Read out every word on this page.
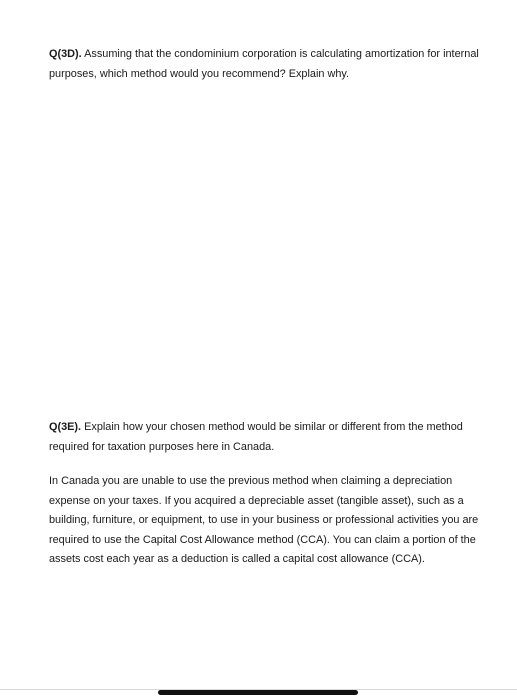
Q(3D). Assuming that the condominium corporation is calculating amortization for internal purposes, which method would you recommend? Explain why.

Q(3E). Explain how your chosen method would be similar or different from the method required for taxation purposes here in Canada.

In Canada you are unable to use the previous method when claiming a depreciation expense on your taxes. If you acquired a depreciable asset (tangible asset), such as a building, furniture, or equipment, to use in your business or professional activities you are required to use the Capital Cost Allowance method (CCA). You can claim a portion of the assets cost each year as a deduction is called a capital cost allowance (CCA).
